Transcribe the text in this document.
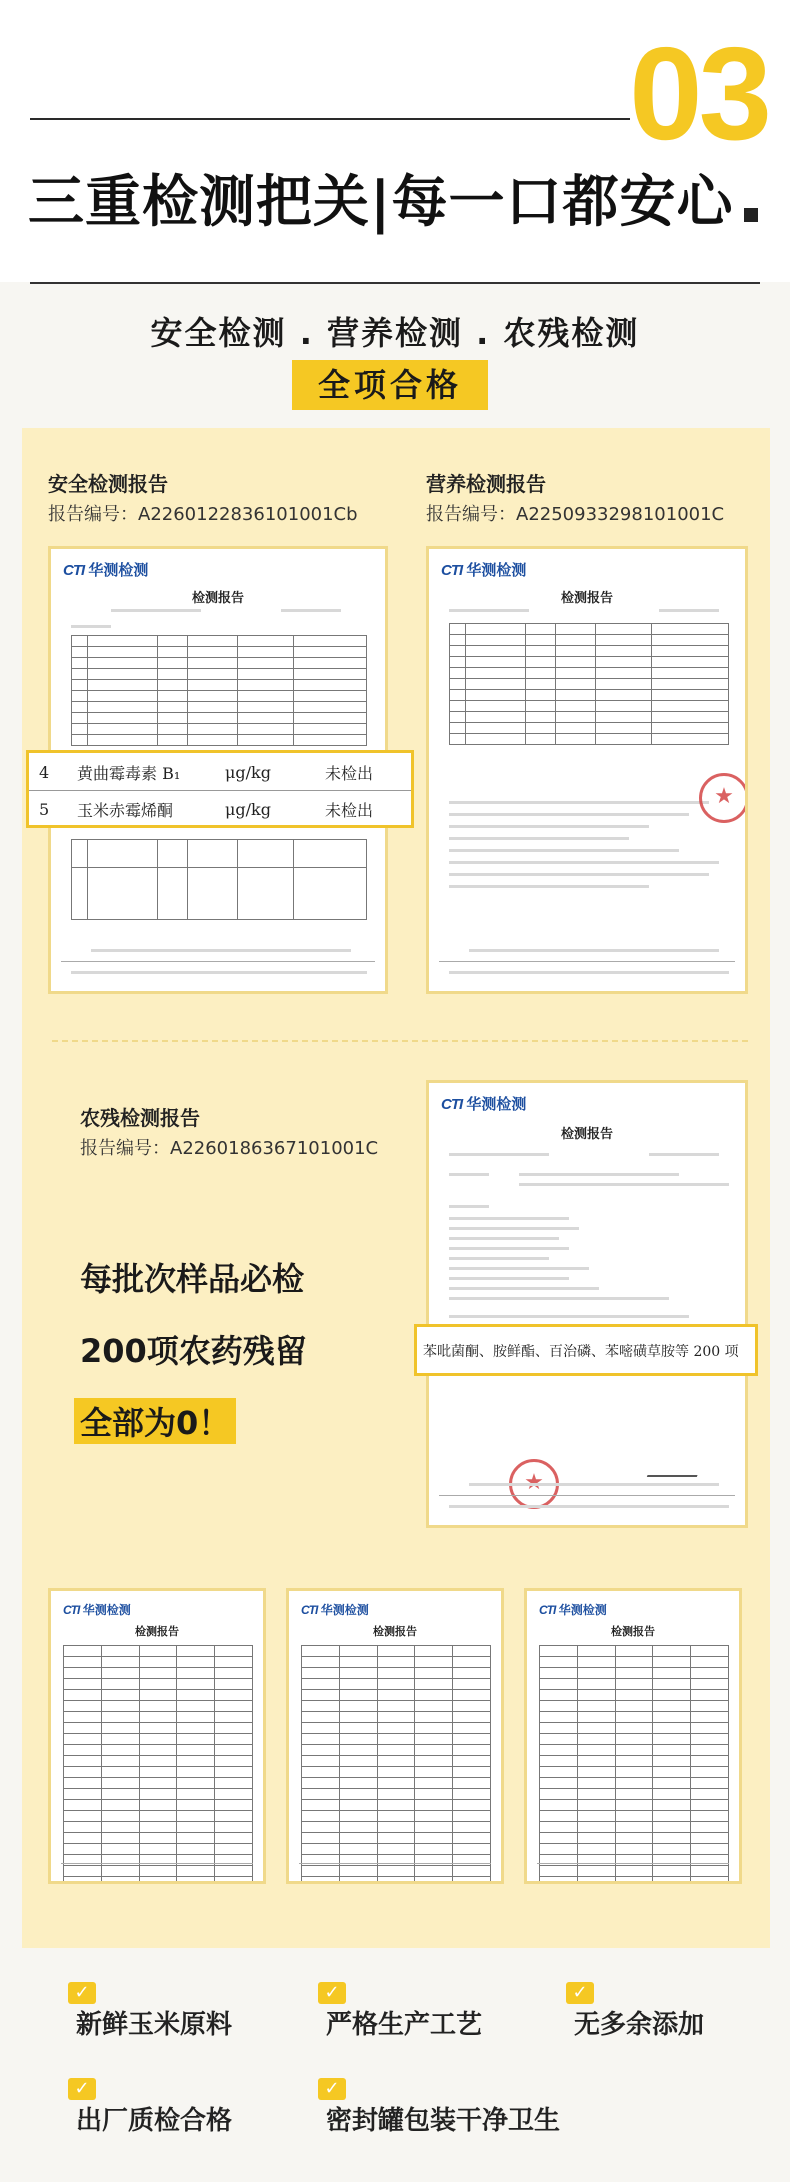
03
三重检测把关|每一口都安心
安全检测 . 营养检测 . 农残检测
全项合格
安全检测报告
报告编号：A2260122836101001Cb
营养检测报告
报告编号：A2250933298101001C
CTI 华测检测
检测报告

4 黄曲霉毒素 B₁	μg/kg	未检出
5 玉米赤霉烯酮	μg/kg	未检出
CTI 华测检测
检测报告

★
农残检测报告
报告编号：A2260186367101001C
每批次样品必检
200项农药残留
全部为0！
CTI 华测检测
检测报告
★
苯吡菌酮、胺鲜酯、百治磷、苯嘧磺草胺等 200 项
CTI 华测检测
检测报告

CTI 华测检测
检测报告

CTI 华测检测
检测报告

✓
新鲜玉米原料
✓
严格生产工艺
✓
无多余添加
✓
出厂质检合格
✓
密封罐包装干净卫生
